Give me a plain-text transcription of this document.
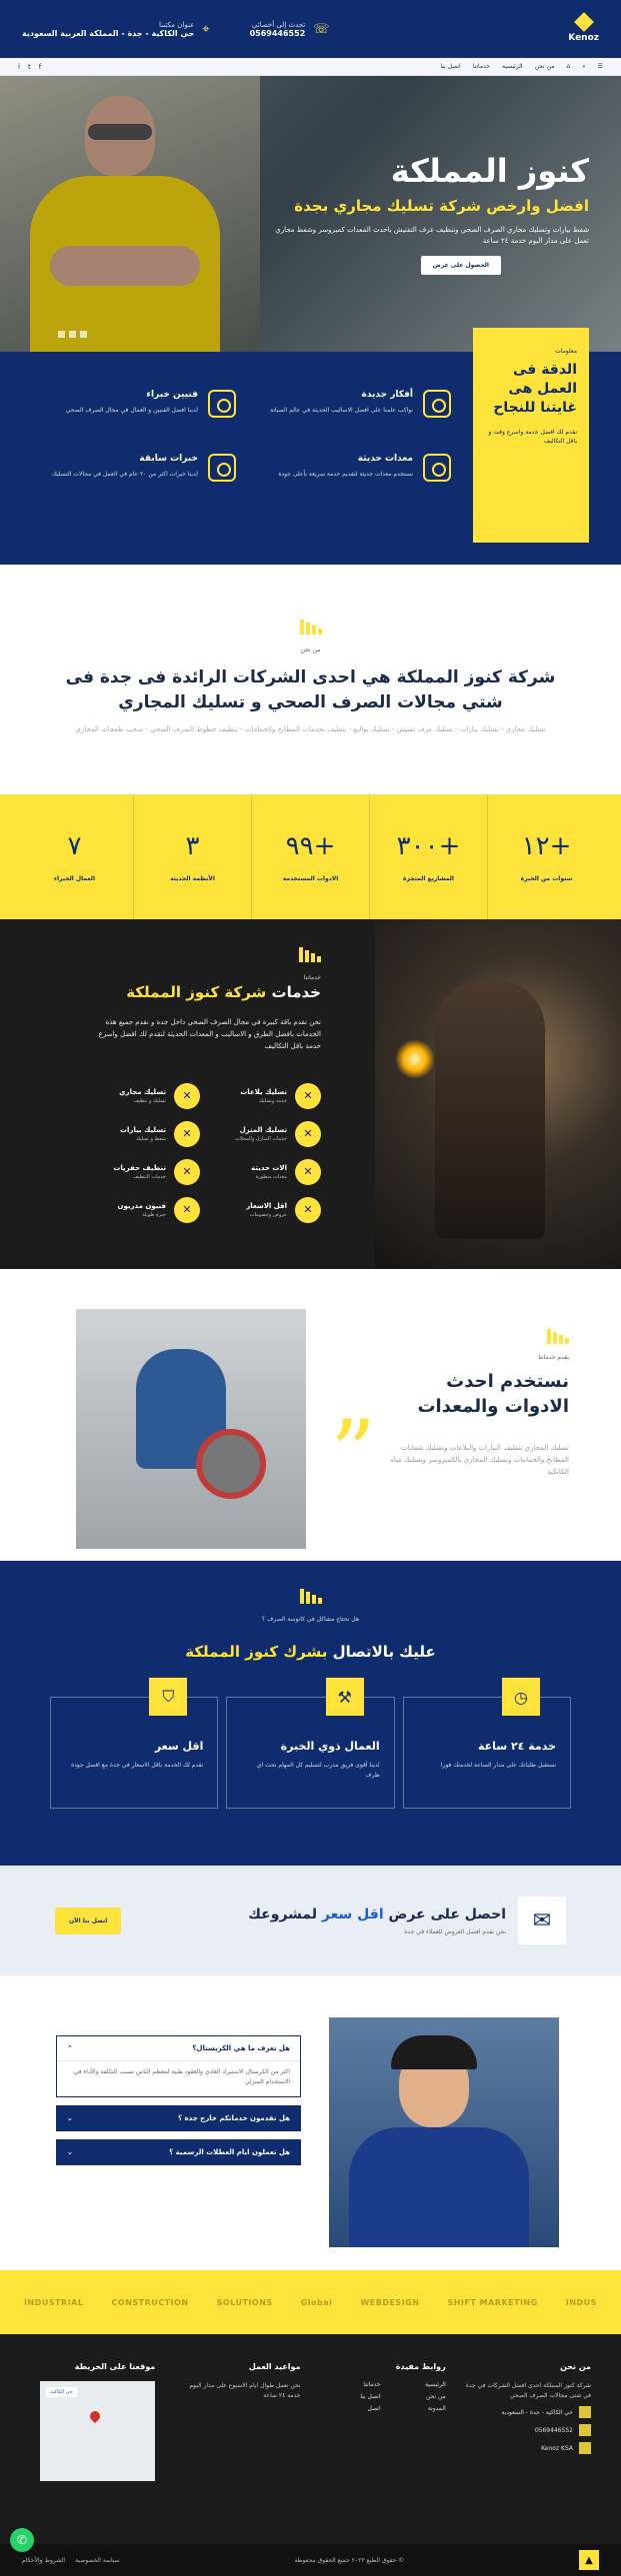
Kenoz
☏
تحدث إلى أخصائي
0569446552
⌖
عنوان مكتبنا
حي الكاكية - جدة - المملكة العربية السعودية
☰
⌕
⌂
من نحن
الرئيسية
خدماتنا
اتصل بنا
f
t
i
كنوز المملكة
افضل وارخص شركة تسليك مجاري بجدة

شفط بيارات وتسليك مجاري الصرف الصحي وتنظيف غرف التفتيش باحدث المعدات كمبروسر وشفط مجاري تعمل على مدار اليوم خدمة ٢٤ ساعة

الحصول على عرض
معلومات
الدقة فى العمل هى غايتنا للنجاح

نقدم لك افضل خدمة واسرع وقت و باقل التكاليف

أفكار جديدة
نواكب علمنا على افضل الاساليب الحديثة في عالم الصيانة
فنيين خبراء
لدينا افضل الفنيين و العمال في مجال الصرف الصحي
معدات حديثة
نستخدم معدات حديثة لتقديم خدمة سريعة بأعلى جودة
خبرات سابقة
لدينا خبرات اكثر من ٢٠ عام في العمل في مجالات التسليك
من نحن
شركة كنوز المملكة هي احدى الشركات الرائدة فى جدة فى شتي مجالات الصرف الصحي و تسليك المجاري

تسليك مجاري - تسليك بيارات - تسليك غرف تفتيش - تسليك بواليع - تنظيف بخدمات المطابخ والحمامات - تنظيف خطوط الصرف الصحي - سحب طفحات المجاري

+١٢
سنوات من الخبرة
+٣٠٠
المشاريع المنجزة
+٩٩
الادوات المستخدمة
٣
الأنظمة الحديثة
٧
العمال الخبراء
خدماتنا
خدمات شركة كنوز المملكة

نحن نقدم باقة كبيرة في مجال الصرف الصحي داخل جدة و نقدم جميع هذة الخدمات بافضل الطرق و الاساليب و المعدات الحديثة لنقدم لك افضل واسرع خدمة باقل التكاليف

✕
تسليك بلاعات
خدمة وتسليك
✕
تسليك مجاري
تسليك و تنظيف
✕
تسليك المنزل
خدمات المنازل والمحلات
✕
تسليك بيارات
شفط و تسليك
✕
الات حديثة
معدات متطورة
✕
تنظيف حفريات
خدمات التنظيف
✕
اقل الاسعار
عروض وخصومات
✕
فنيون مدربون
خبرة طويلة
”
يقدم خدماتنا
نستخدم احدث الادوات والمعدات

تسليك المجاري تنظيف البيارات والبلاعات وتسليك شفايات المطابخ والحمامات وتسليك المجاري بالكمبروسر وتسليك مياه الكانكية

هل نحتاج مشاكل في كانوسة الصرف ؟
عليك بالاتصال بشرك كنوز المملكة
◷
خدمة ٢٤ ساعة
نستقبل طلباتك على مدار الساعة لخدمتك فورا
⚒
العمال ذوي الخبرة
لدينا أقوى فريق مدرب لتسليم كل المهام تحت اي ظرف
⛉
اقل سعر
نقدم لك الخدمة باقل الاسعار في جدة مع افضل جودة
✉
احصل على عرض اقل سعر لمشروعك
نحن نقدم افضل العروض للعملاء في جدة
اتصل بنا الآن
هل تعرف ما هي الكريستال؟
⌃
اكثر من الكرستال الاستيراد العادي والعقود طيبة لمعظم الناس بسبب التكلفة والأداء في الاستخدام المنزلي
هل تقدمون خدماتكم خارج جدة ؟
⌄
هل تعملون ايام العطلات الرسمية ؟
⌄
INDUSTRIAL	CONSTRUCTION	SOLUTIONS	Global	WEBDESIGN	SHIFT MARKETING	INDUS
من نحن
شركة كنوز المملكة احدى افضل الشركات في جدة في شتى مجالات الصرف الصحي
حي الكاكية - جدة - السعودية
0569446552
Kenoz KSA
روابط مفيدة
الرئيسية
خدماتنا
من نحن
اتصل بنا
المدونة
اتصل
مواعيد العمل
نحن نعمل طوال ايام الاسبوع على مدار اليوم خدمة ٢٤ ساعة
موقعنا على الخريطة
حي الكاكية
▲
© حقوق الطبع ٢٠٢٣ جميع الحقوق محفوظة
سياسة الخصوصية
الشروط والأحكام
✆
